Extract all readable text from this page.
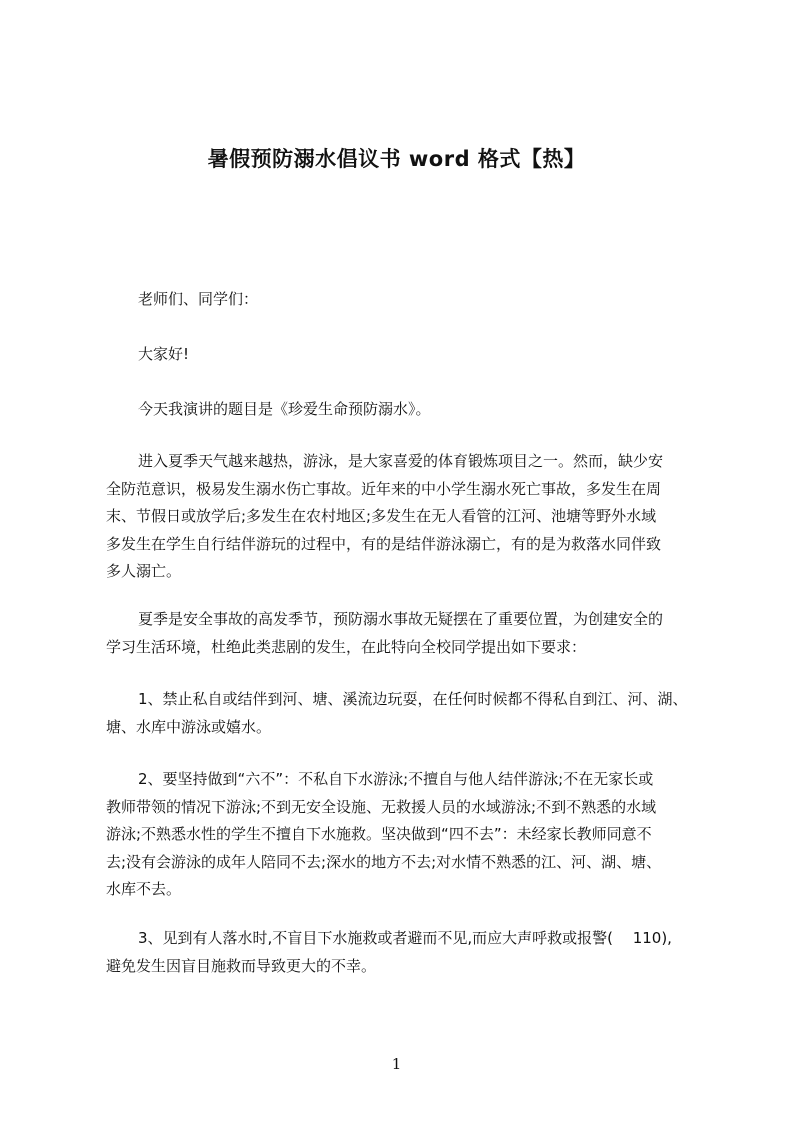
暑假预防溺水倡议书 word 格式【热】
老师们、同学们：
大家好!
今天我演讲的题目是《珍爱生命预防溺水》。
进入夏季天气越来越热，游泳，是大家喜爱的体育锻炼项目之一。然而，缺少安
全防范意识，极易发生溺水伤亡事故。近年来的中小学生溺水死亡事故，多发生在周
末、节假日或放学后;多发生在农村地区;多发生在无人看管的江河、池塘等野外水域
多发生在学生自行结伴游玩的过程中，有的是结伴游泳溺亡，有的是为救落水同伴致
多人溺亡。
夏季是安全事故的高发季节，预防溺水事故无疑摆在了重要位置，为创建安全的
学习生活环境，杜绝此类悲剧的发生，在此特向全校同学提出如下要求：
1、禁止私自或结伴到河、塘、溪流边玩耍，在任何时候都不得私自到江、河、湖、
塘、水库中游泳或嬉水。
2、要坚持做到“六不”：不私自下水游泳;不擅自与他人结伴游泳;不在无家长或
教师带领的情况下游泳;不到无安全设施、无救援人员的水域游泳;不到不熟悉的水域
游泳;不熟悉水性的学生不擅自下水施救。坚决做到“四不去”：未经家长教师同意不
去;没有会游泳的成年人陪同不去;深水的地方不去;对水情不熟悉的江、河、湖、塘、
水库不去。
3、见到有人落水时,不盲目下水施救或者避而不见,而应大声呼救或报警(　 110),
避免发生因盲目施救而导致更大的不幸。
1
